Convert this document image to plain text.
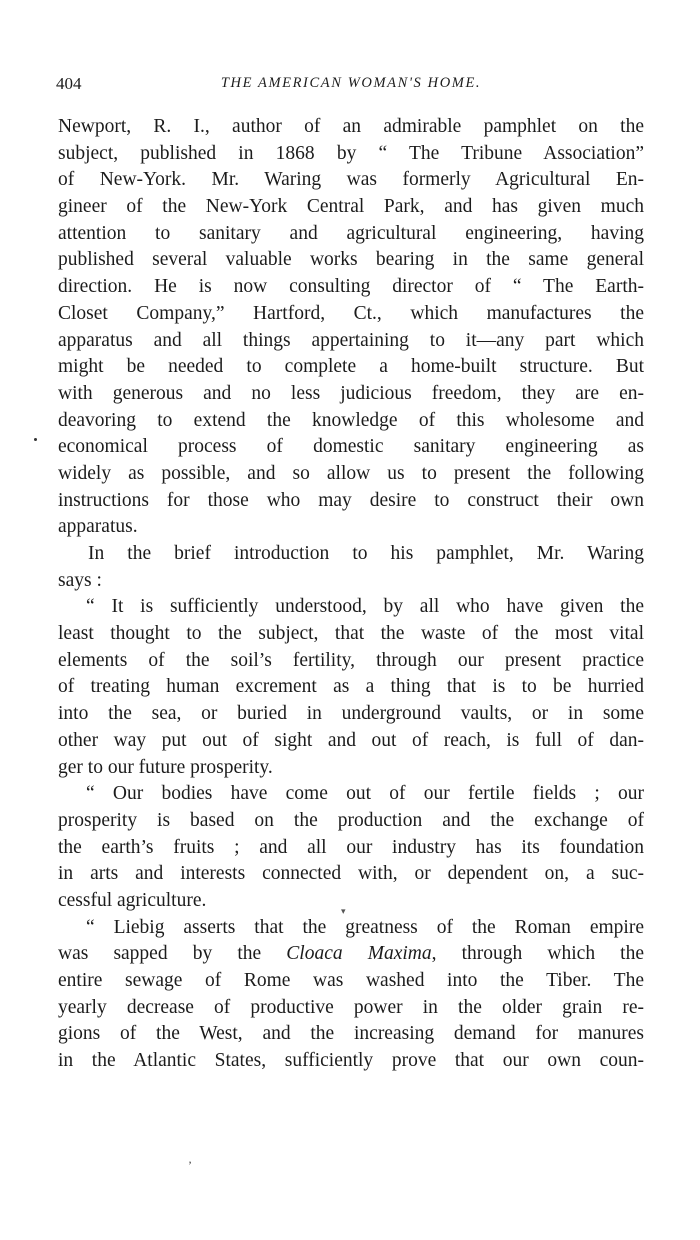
404	THE AMERICAN WOMAN'S HOME.
Newport, R. I., author of an admirable pamphlet on the
subject, published in 1868 by “ The Tribune Association”
of New-York. Mr. Waring was formerly Agricultural En-
gineer of the New-York Central Park, and has given much
attention to sanitary and agricultural engineering, having
published several valuable works bearing in the same general
direction. He is now consulting director of “ The Earth-
Closet Company,” Hartford, Ct., which manufactures the
apparatus and all things appertaining to it—any part which
might be needed to complete a home-built structure. But
with generous and no less judicious freedom, they are en-
deavoring to extend the knowledge of this wholesome and
economical process of domestic sanitary engineering as
widely as possible, and so allow us to present the following
instructions for those who may desire to construct their own
apparatus.
In the brief introduction to his pamphlet, Mr. Waring
says :
“ It is sufficiently understood, by all who have given the
least thought to the subject, that the waste of the most vital
elements of the soil’s fertility, through our present practice
of treating human excrement as a thing that is to be hurried
into the sea, or buried in underground vaults, or in some
other way put out of sight and out of reach, is full of dan-
ger to our future prosperity.
“ Our bodies have come out of our fertile fields ; our
prosperity is based on the production and the exchange of
the earth’s fruits ; and all our industry has its foundation
in arts and interests connected with, or dependent on, a suc-
cessful agriculture.
“ Liebig asserts that the greatness of the Roman empire
was sapped by the Cloaca Maxima, through which the
entire sewage of Rome was washed into the Tiber. The
yearly decrease of productive power in the older grain re-
gions of the West, and the increasing demand for manures
in the Atlantic States, sufficiently prove that our own coun-
▾
’
